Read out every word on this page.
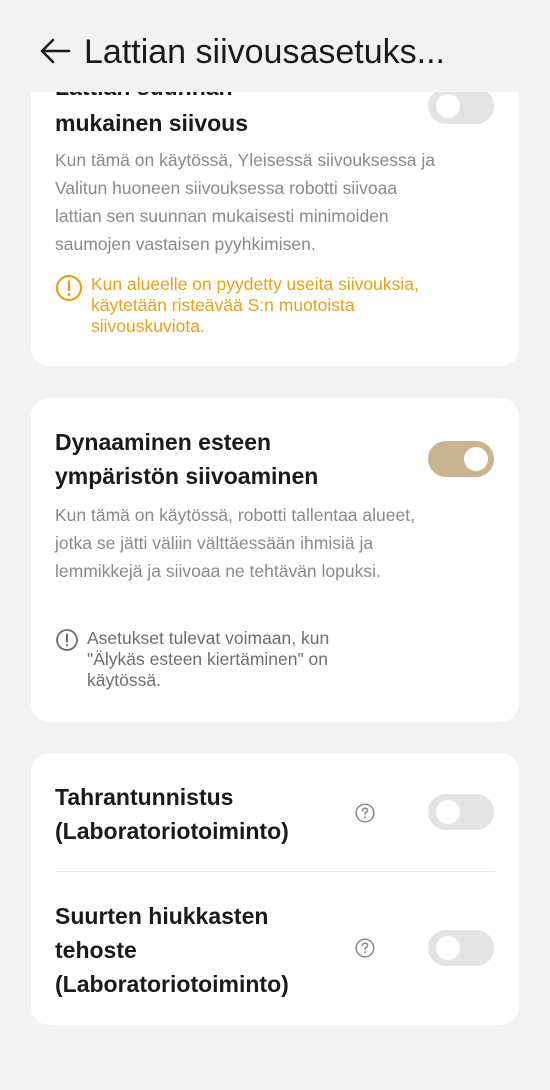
Lattian siivousasetuks...
mukainen siivous

Kun tämä on käytössä, Yleisessä siivouksessa ja Valitun huoneen siivouksessa robotti siivoaa lattian sen suunnan mukaisesti minimoiden saumojen vastaisen pyyhkimisen.

Kun alueelle on pyydetty useita siivouksia, käytetään risteävää S:n muotoista siivouskuviota.
Dynaaminen esteen ympäristön siivoaminen

Kun tämä on käytössä, robotti tallentaa alueet, jotka se jätti väliin välttäessään ihmisiä ja lemmikkejä ja siivoaa ne tehtävän lopuksi.

Asetukset tulevat voimaan, kun "Älykäs esteen kiertäminen" on käytössä.
Tahrantunnistus (Laboratoriotoiminto)
Suurten hiukkasten tehoste (Laboratoriotoiminto)
